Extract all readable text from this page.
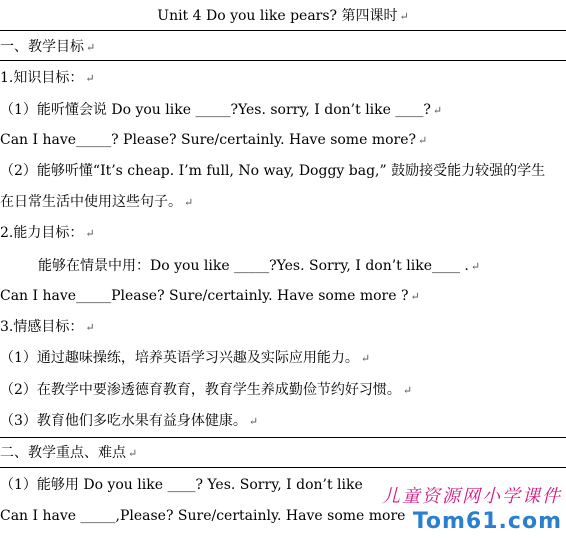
Unit 4 Do you like pears? 第四课时 ↵
一、教学目标 ↵
1.知识目标： ↵
（1）能听懂会说 Do you like _____?Yes. sorry, I don’t like ____? ↵
Can I have_____? Please? Sure/certainly. Have some more? ↵
（2）能够听懂“It’s cheap. I’m full, No way, Doggy bag,” 鼓励接受能力较强的学生
在日常生活中使用这些句子。 ↵
2.能力目标： ↵
能够在情景中用：Do you like _____?Yes. Sorry, I don’t like____ . ↵
Can I have_____Please? Sure/certainly. Have some more ? ↵
3.情感目标： ↵
（1）通过趣味操练，培养英语学习兴趣及实际应用能力。 ↵
（2）在教学中要渗透德育教育，教育学生养成勤俭节约好习惯。 ↵
（3）教育他们多吃水果有益身体健康。 ↵
二、教学重点、难点 ↵
（1）能够用 Do you like ____? Yes. Sorry, I don’t like
Can I have _____,Please? Sure/certainly. Have some more
儿童资源网小学课件
Tom61.com
